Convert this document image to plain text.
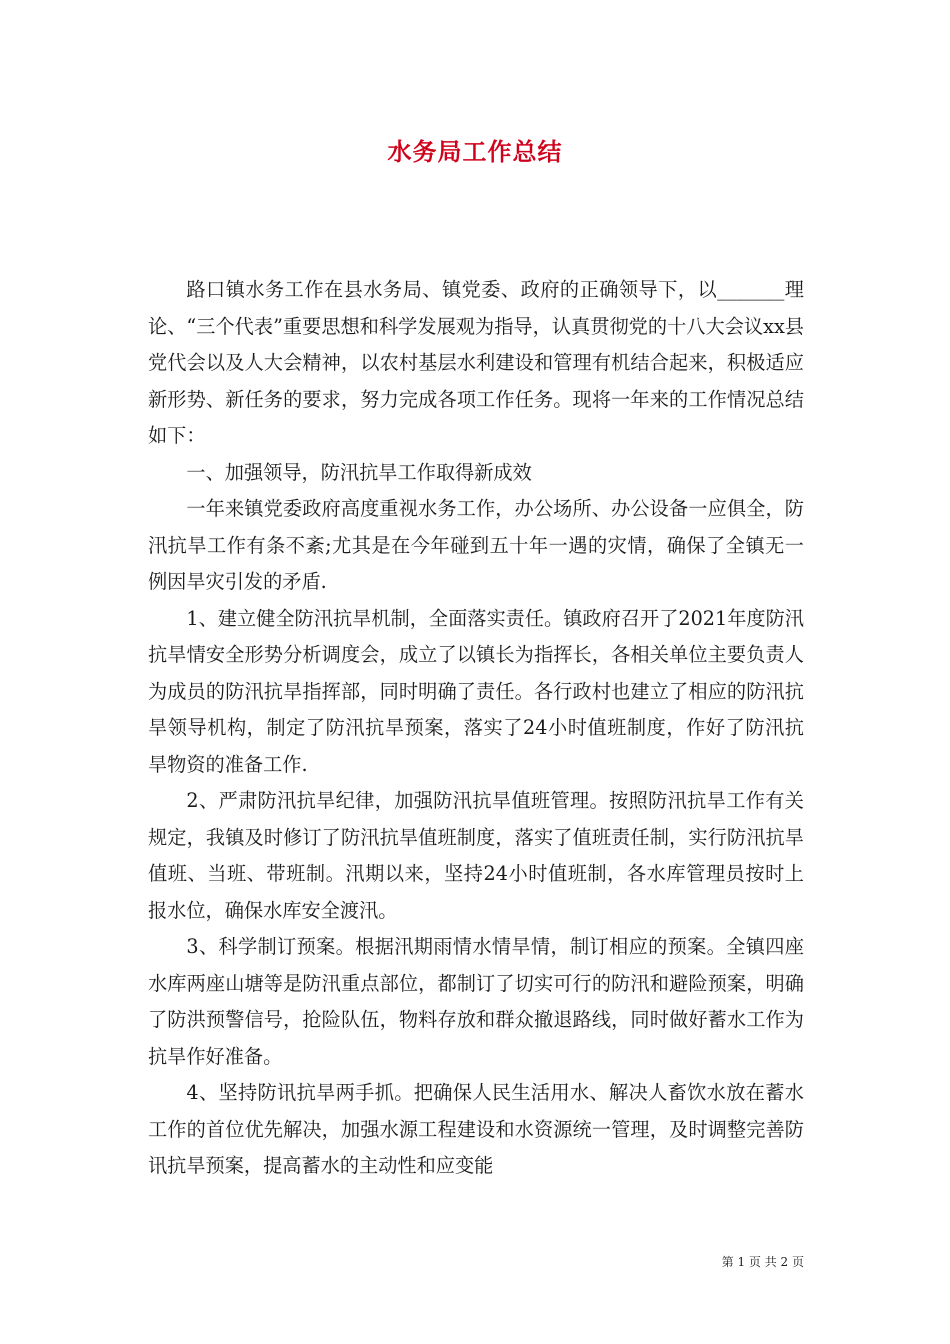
水务局工作总结

路口镇水务工作在县水务局、镇党委、政府的正确领导下，以_______理论、“三个代表”重要思想和科学发展观为指导，认真贯彻党的十八大会议xx县党代会以及人大会精神，以农村基层水利建设和管理有机结合起来，积极适应新形势、新任务的要求，努力完成各项工作任务。现将一年来的工作情况总结如下：

一、加强领导，防汛抗旱工作取得新成效

一年来镇党委政府高度重视水务工作，办公场所、办公设备一应俱全，防汛抗旱工作有条不紊;尤其是在今年碰到五十年一遇的灾情，确保了全镇无一例因旱灾引发的矛盾.

1、建立健全防汛抗旱机制，全面落实责任。镇政府召开了2021年度防汛抗旱情安全形势分析调度会，成立了以镇长为指挥长，各相关单位主要负责人为成员的防汛抗旱指挥部，同时明确了责任。各行政村也建立了相应的防汛抗旱领导机构，制定了防汛抗旱预案，落实了24小时值班制度，作好了防汛抗旱物资的准备工作.

2、严肃防汛抗旱纪律，加强防汛抗旱值班管理。按照防汛抗旱工作有关规定，我镇及时修订了防汛抗旱值班制度，落实了值班责任制，实行防汛抗旱值班、当班、带班制。汛期以来，坚持24小时值班制，各水库管理员按时上报水位，确保水库安全渡汛。

3、科学制订预案。根据汛期雨情水情旱情，制订相应的预案。全镇四座水库两座山塘等是防汛重点部位，都制订了切实可行的防汛和避险预案，明确了防洪预警信号，抢险队伍，物料存放和群众撤退路线，同时做好蓄水工作为抗旱作好准备。

4、坚持防讯抗旱两手抓。把确保人民生活用水、解决人畜饮水放在蓄水工作的首位优先解决，加强水源工程建设和水资源统一管理，及时调整完善防讯抗旱预案，提高蓄水的主动性和应变能

第 1 页 共 2 页
